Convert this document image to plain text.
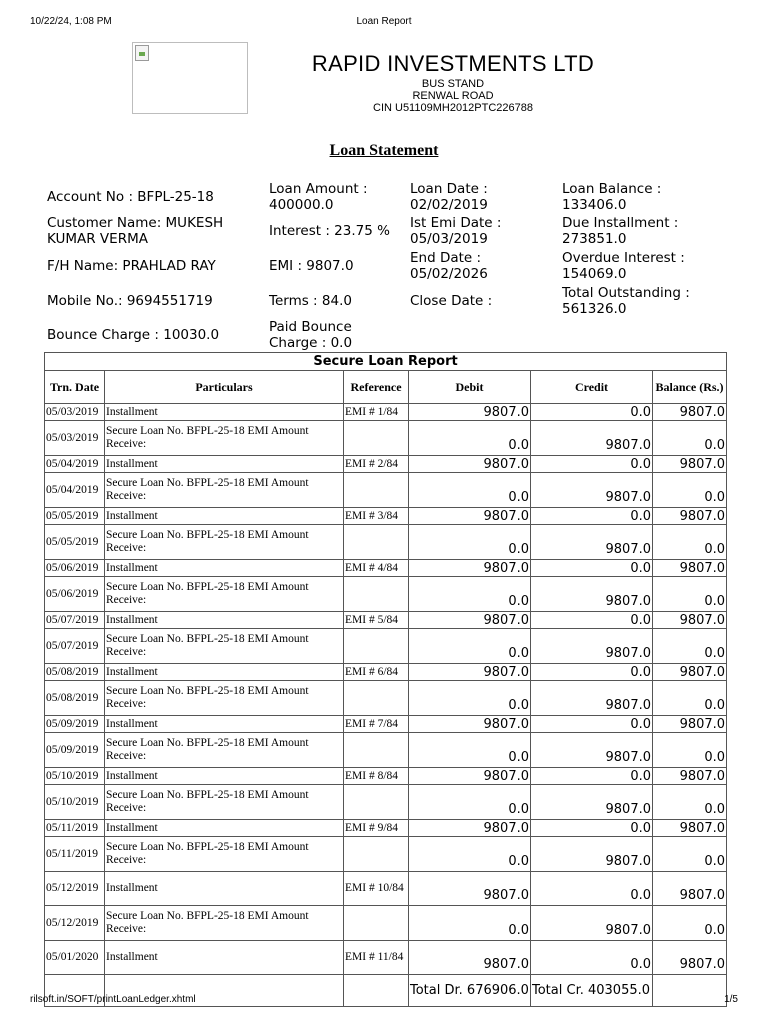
10/22/24, 1:08 PM	Loan Report
RAPID INVESTMENTS LTD
BUS STAND
RENWAL ROAD
CIN U51109MH2012PTC226788
Loan Statement
Account No : BFPL-25-18
Customer Name: MUKESH KUMAR VERMA
F/H Name: PRAHLAD RAY
Mobile No.: 9694551719
Bounce Charge : 10030.0
Loan Amount : 400000.0
Interest : 23.75 %
EMI : 9807.0
Terms : 84.0
Paid Bounce Charge : 0.0
Loan Date : 02/02/2019
Ist Emi Date : 05/03/2019
End Date : 05/02/2026
Close Date :
Loan Balance : 133406.0
Due Installment : 273851.0
Overdue Interest : 154069.0
Total Outstanding : 561326.0
Secure Loan Report					
Trn. Date	Particulars	Reference	Debit	Credit	Balance (Rs.)
05/03/2019	Installment	EMI # 1/84	9807.0	0.0	9807.0
05/03/2019	Secure Loan No. BFPL-25-18 EMI Amount Receive:		0.0	9807.0	0.0
05/04/2019	Installment	EMI # 2/84	9807.0	0.0	9807.0
05/04/2019	Secure Loan No. BFPL-25-18 EMI Amount Receive:		0.0	9807.0	0.0
05/05/2019	Installment	EMI # 3/84	9807.0	0.0	9807.0
05/05/2019	Secure Loan No. BFPL-25-18 EMI Amount Receive:		0.0	9807.0	0.0
05/06/2019	Installment	EMI # 4/84	9807.0	0.0	9807.0
05/06/2019	Secure Loan No. BFPL-25-18 EMI Amount Receive:		0.0	9807.0	0.0
05/07/2019	Installment	EMI # 5/84	9807.0	0.0	9807.0
05/07/2019	Secure Loan No. BFPL-25-18 EMI Amount Receive:		0.0	9807.0	0.0
05/08/2019	Installment	EMI # 6/84	9807.0	0.0	9807.0
05/08/2019	Secure Loan No. BFPL-25-18 EMI Amount Receive:		0.0	9807.0	0.0
05/09/2019	Installment	EMI # 7/84	9807.0	0.0	9807.0
05/09/2019	Secure Loan No. BFPL-25-18 EMI Amount Receive:		0.0	9807.0	0.0
05/10/2019	Installment	EMI # 8/84	9807.0	0.0	9807.0
05/10/2019	Secure Loan No. BFPL-25-18 EMI Amount Receive:		0.0	9807.0	0.0
05/11/2019	Installment	EMI # 9/84	9807.0	0.0	9807.0
05/11/2019	Secure Loan No. BFPL-25-18 EMI Amount Receive:		0.0	9807.0	0.0
05/12/2019	Installment	EMI # 10/84	9807.0	0.0	9807.0
05/12/2019	Secure Loan No. BFPL-25-18 EMI Amount Receive:		0.0	9807.0	0.0
05/01/2020	Installment	EMI # 11/84	9807.0	0.0	9807.0
			Total Dr. 676906.0	Total Cr. 403055.0	
rilsoft.in/SOFT/printLoanLedger.xhtml	1/5
